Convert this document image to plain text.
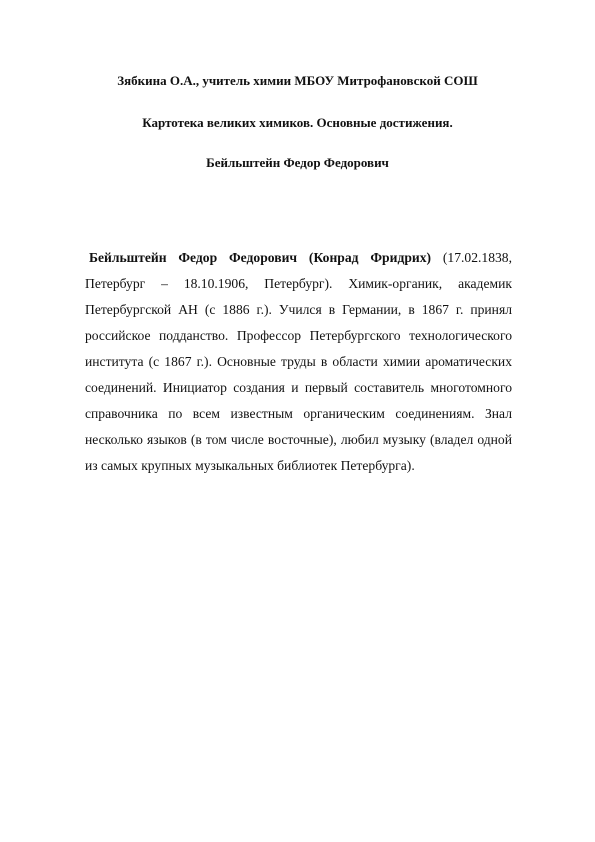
Зябкина О.А., учитель химии МБОУ Митрофановской СОШ
Картотека великих химиков. Основные достижения.
Бейльштейн Федор Федорович

Бейльштейн Федор Федорович (Конрад Фридрих) (17.02.1838, Петербург – 18.10.1906, Петербург). Химик-органик, академик Петербургской АН (с 1886 г.). Учился в Германии, в 1867 г. принял российское подданство. Профессор Петербургского технологического института (с 1867 г.). Основные труды в области химии ароматических соединений. Инициатор создания и первый составитель многотомного справочника по всем известным органическим соединениям. Знал несколько языков (в том числе восточные), любил музыку (владел одной из самых крупных музыкальных библиотек Петербурга).
